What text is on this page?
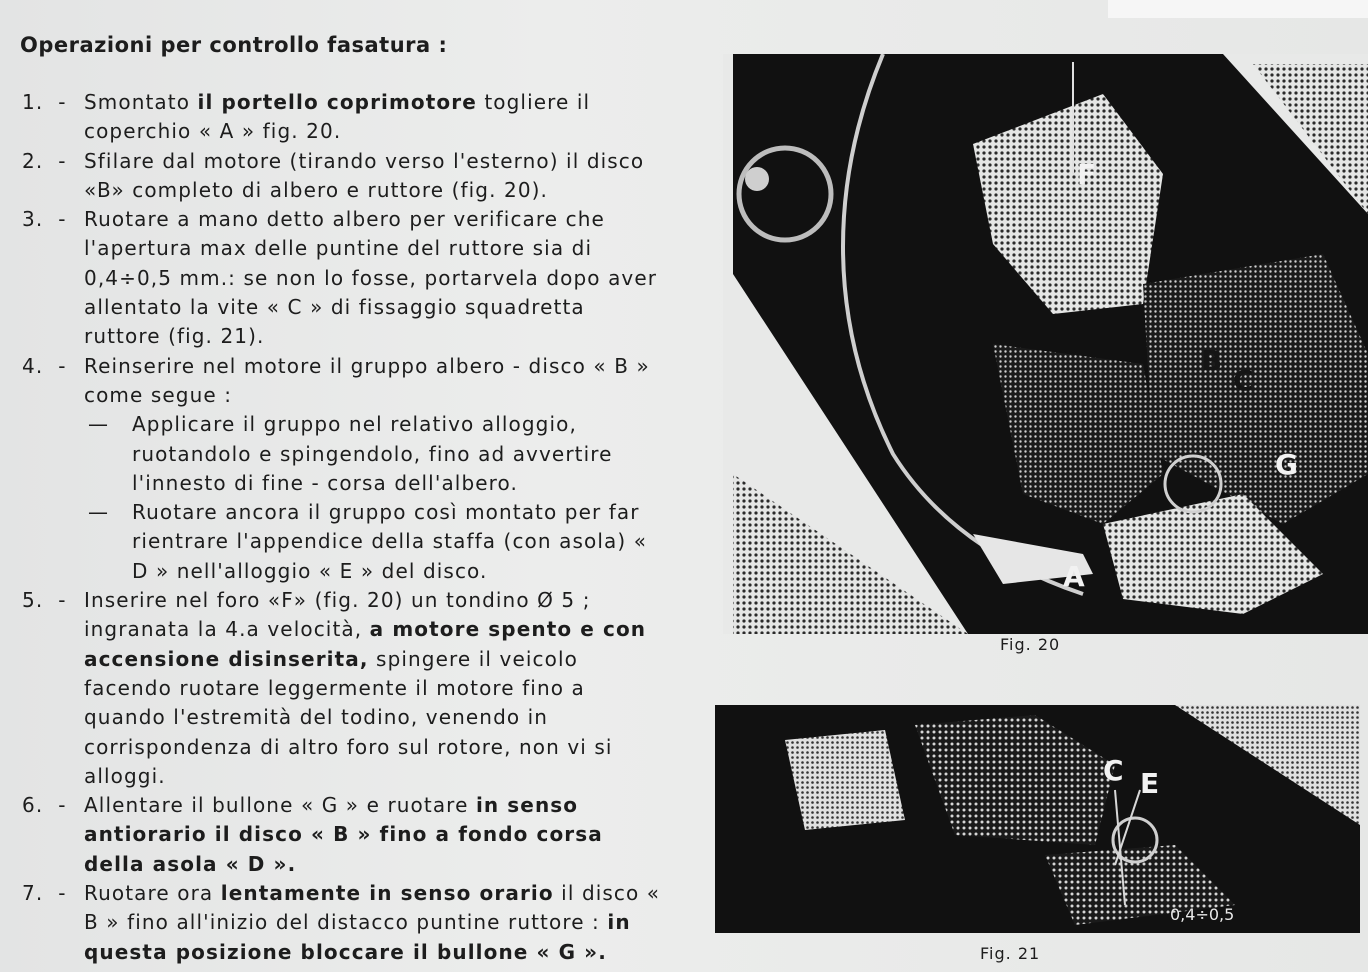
Operazioni per controllo fasatura :
1.  - Smontato il portello coprimotore togliere il coperchio « A » fig. 20.
2.  - Sfilare dal motore (tirando verso l'esterno) il disco «B» completo di albero e ruttore (fig. 20).
3.  - Ruotare a mano detto albero per verificare che l'apertura max delle puntine del ruttore sia di 0,4÷0,5 mm.: se non lo fosse, portarvela dopo aver allentato la vite « C » di fissaggio squadretta ruttore (fig. 21).
4.  - Reinserire nel motore il gruppo albero - disco « B » come segue :
— Applicare il gruppo nel relativo alloggio, ruotandolo e spingendolo, fino ad avvertire l'innesto di fine - corsa dell'albero.
— Ruotare ancora il gruppo così montato per far rientrare l'appendice della staffa (con asola) « D » nell'alloggio « E » del disco.
5.  - Inserire nel foro «F» (fig. 20) un tondino Ø 5 ; ingranata la 4.a velocità, a motore spento e con accensione disinserita, spingere il veicolo facendo ruotare leggermente il motore fino a quando l'estremità del todino, venendo in corrispondenza di altro foro sul rotore, non vi si alloggi.
6.  - Allentare il bullone « G » e ruotare in senso antiorario il disco « B » fino a fondo corsa della asola « D ».
7.  - Ruotare ora lentamente in senso orario il disco « B » fino all'inizio del distacco puntine ruttore : in questa posizione bloccare il bullone « G ».
F
B
C
G
A
Fig. 20
C E
0,4÷0,5
Fig. 21
